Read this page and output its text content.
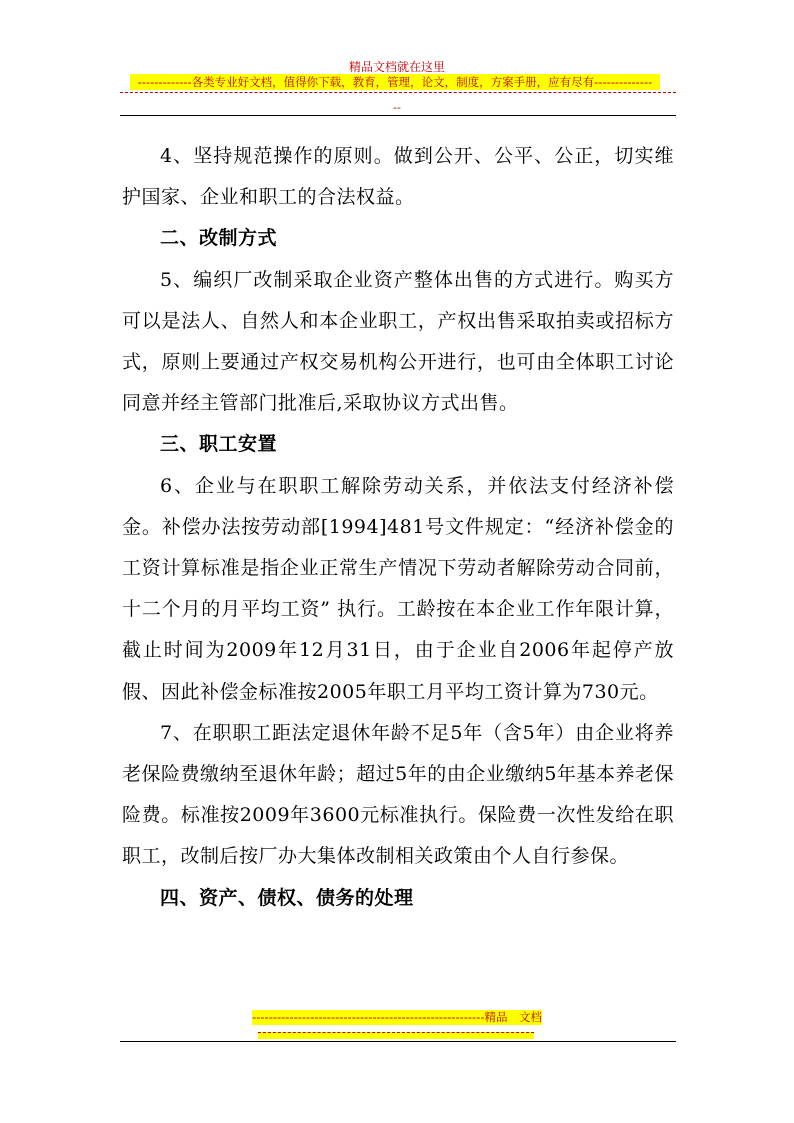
精品文档就在这里
-------------各类专业好文档，值得你下载，教育，管理，论文，制度，方案手册，应有尽有--------------
--

4、坚持规范操作的原则。做到公开、公平、公正，切实维护国家、企业和职工的合法权益。

二、改制方式

5、编织厂改制采取企业资产整体出售的方式进行。购买方可以是法人、自然人和本企业职工，产权出售采取拍卖或招标方式，原则上要通过产权交易机构公开进行，也可由全体职工讨论同意并经主管部门批准后,采取协议方式出售。

三、职工安置

6、企业与在职职工解除劳动关系，并依法支付经济补偿金。补偿办法按劳动部[1994]481号文件规定：“经济补偿金的工资计算标准是指企业正常生产情况下劳动者解除劳动合同前，十二个月的月平均工资” 执行。工龄按在本企业工作年限计算，截止时间为2009年12月31日，由于企业自2006年起停产放假、因此补偿金标准按2005年职工月平均工资计算为730元。

7、在职职工距法定退休年龄不足5年（含5年）由企业将养老保险费缴纳至退休年龄；超过5年的由企业缴纳5年基本养老保险费。标准按2009年3600元标准执行。保险费一次性发给在职职工，改制后按厂办大集体改制相关政策由个人自行参保。

四、资产、债权、债务的处理

--------------------------------------------------------精品　文档
